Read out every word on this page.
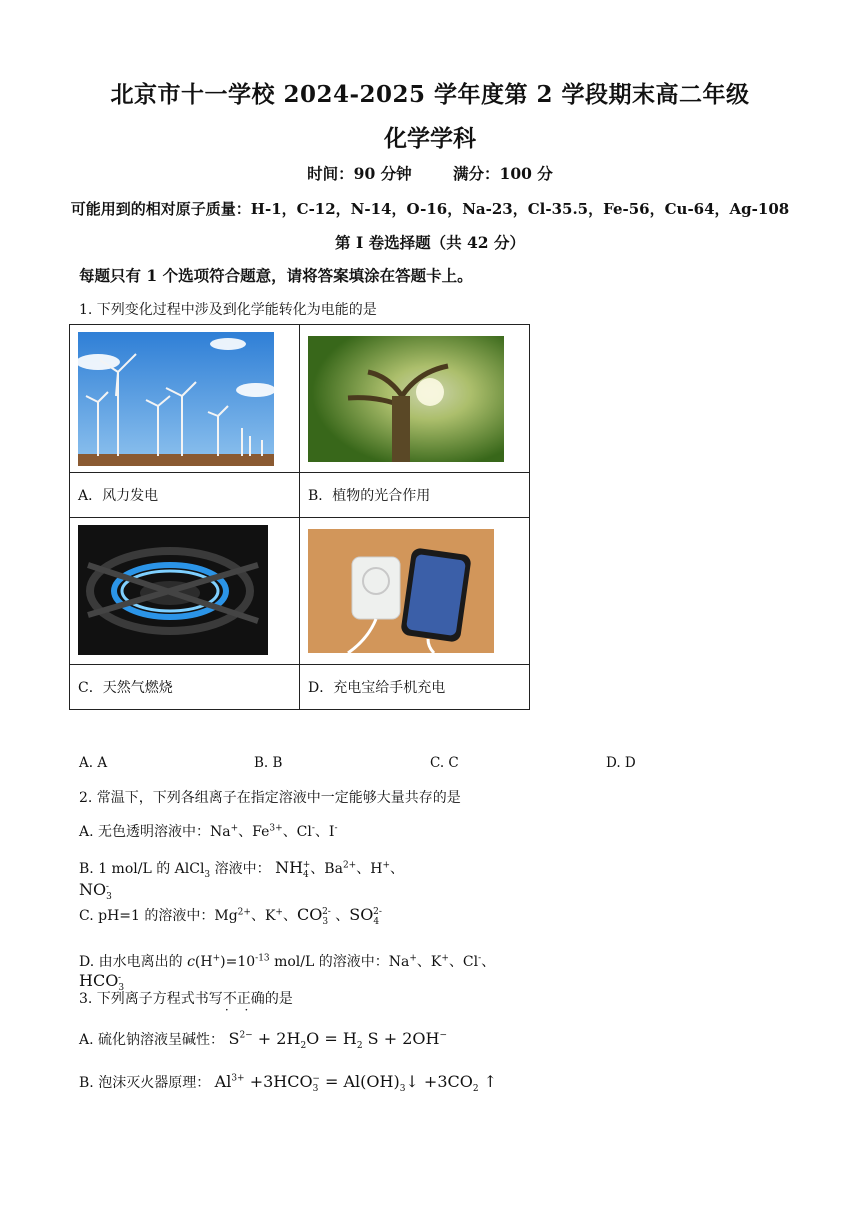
北京市十一学校 2024-2025 学年度第 2 学段期末高二年级
化学学科
时间：90 分钟	满分：100 分
可能用到的相对原子质量：H-1，C-12，N-14，O-16，Na-23，Cl-35.5，Fe-56，Cu-64，Ag-108
第 I 卷选择题（共 42 分）
每题只有 1 个选项符合题意，请将答案填涂在答题卡上。
1. 下列变化过程中涉及到化学能转化为电能的是

A．风力发电	B．植物的光合作用

C．天然气燃烧	D．充电宝给手机充电
A. A	B. B	C. C	D. D
2. 常温下，下列各组离子在指定溶液中一定能够大量共存的是
A. 无色透明溶液中：Na+、$Fe^{3+}$、Cl-、I-
B. 1 mol/L 的 AlCl$_3$ 溶液中： $NH_4^+$、$Ba^{2+}$、H+、$NO_3^-$
C. pH=1 的溶液中：$Mg^{2+}$、K+、$CO_3^{2-}$ 、$SO_4^{2-}$
D. 由水电离出的 $c(H^+)=10^{-13}$ mol/L 的溶液中：Na+、K+、Cl-、$HCO_3^-$
3. 下列离子方程式书写不正确 · ·的是
A. 硫化钠溶液呈碱性： $S^{2-} + 2H_2O = H_2$ S + 2OH−
B. 泡沫灭火器原理： $Al^{3+} +3HCO_3^-$ = $Al(OH)_3↓ +3CO_2$ ↑
